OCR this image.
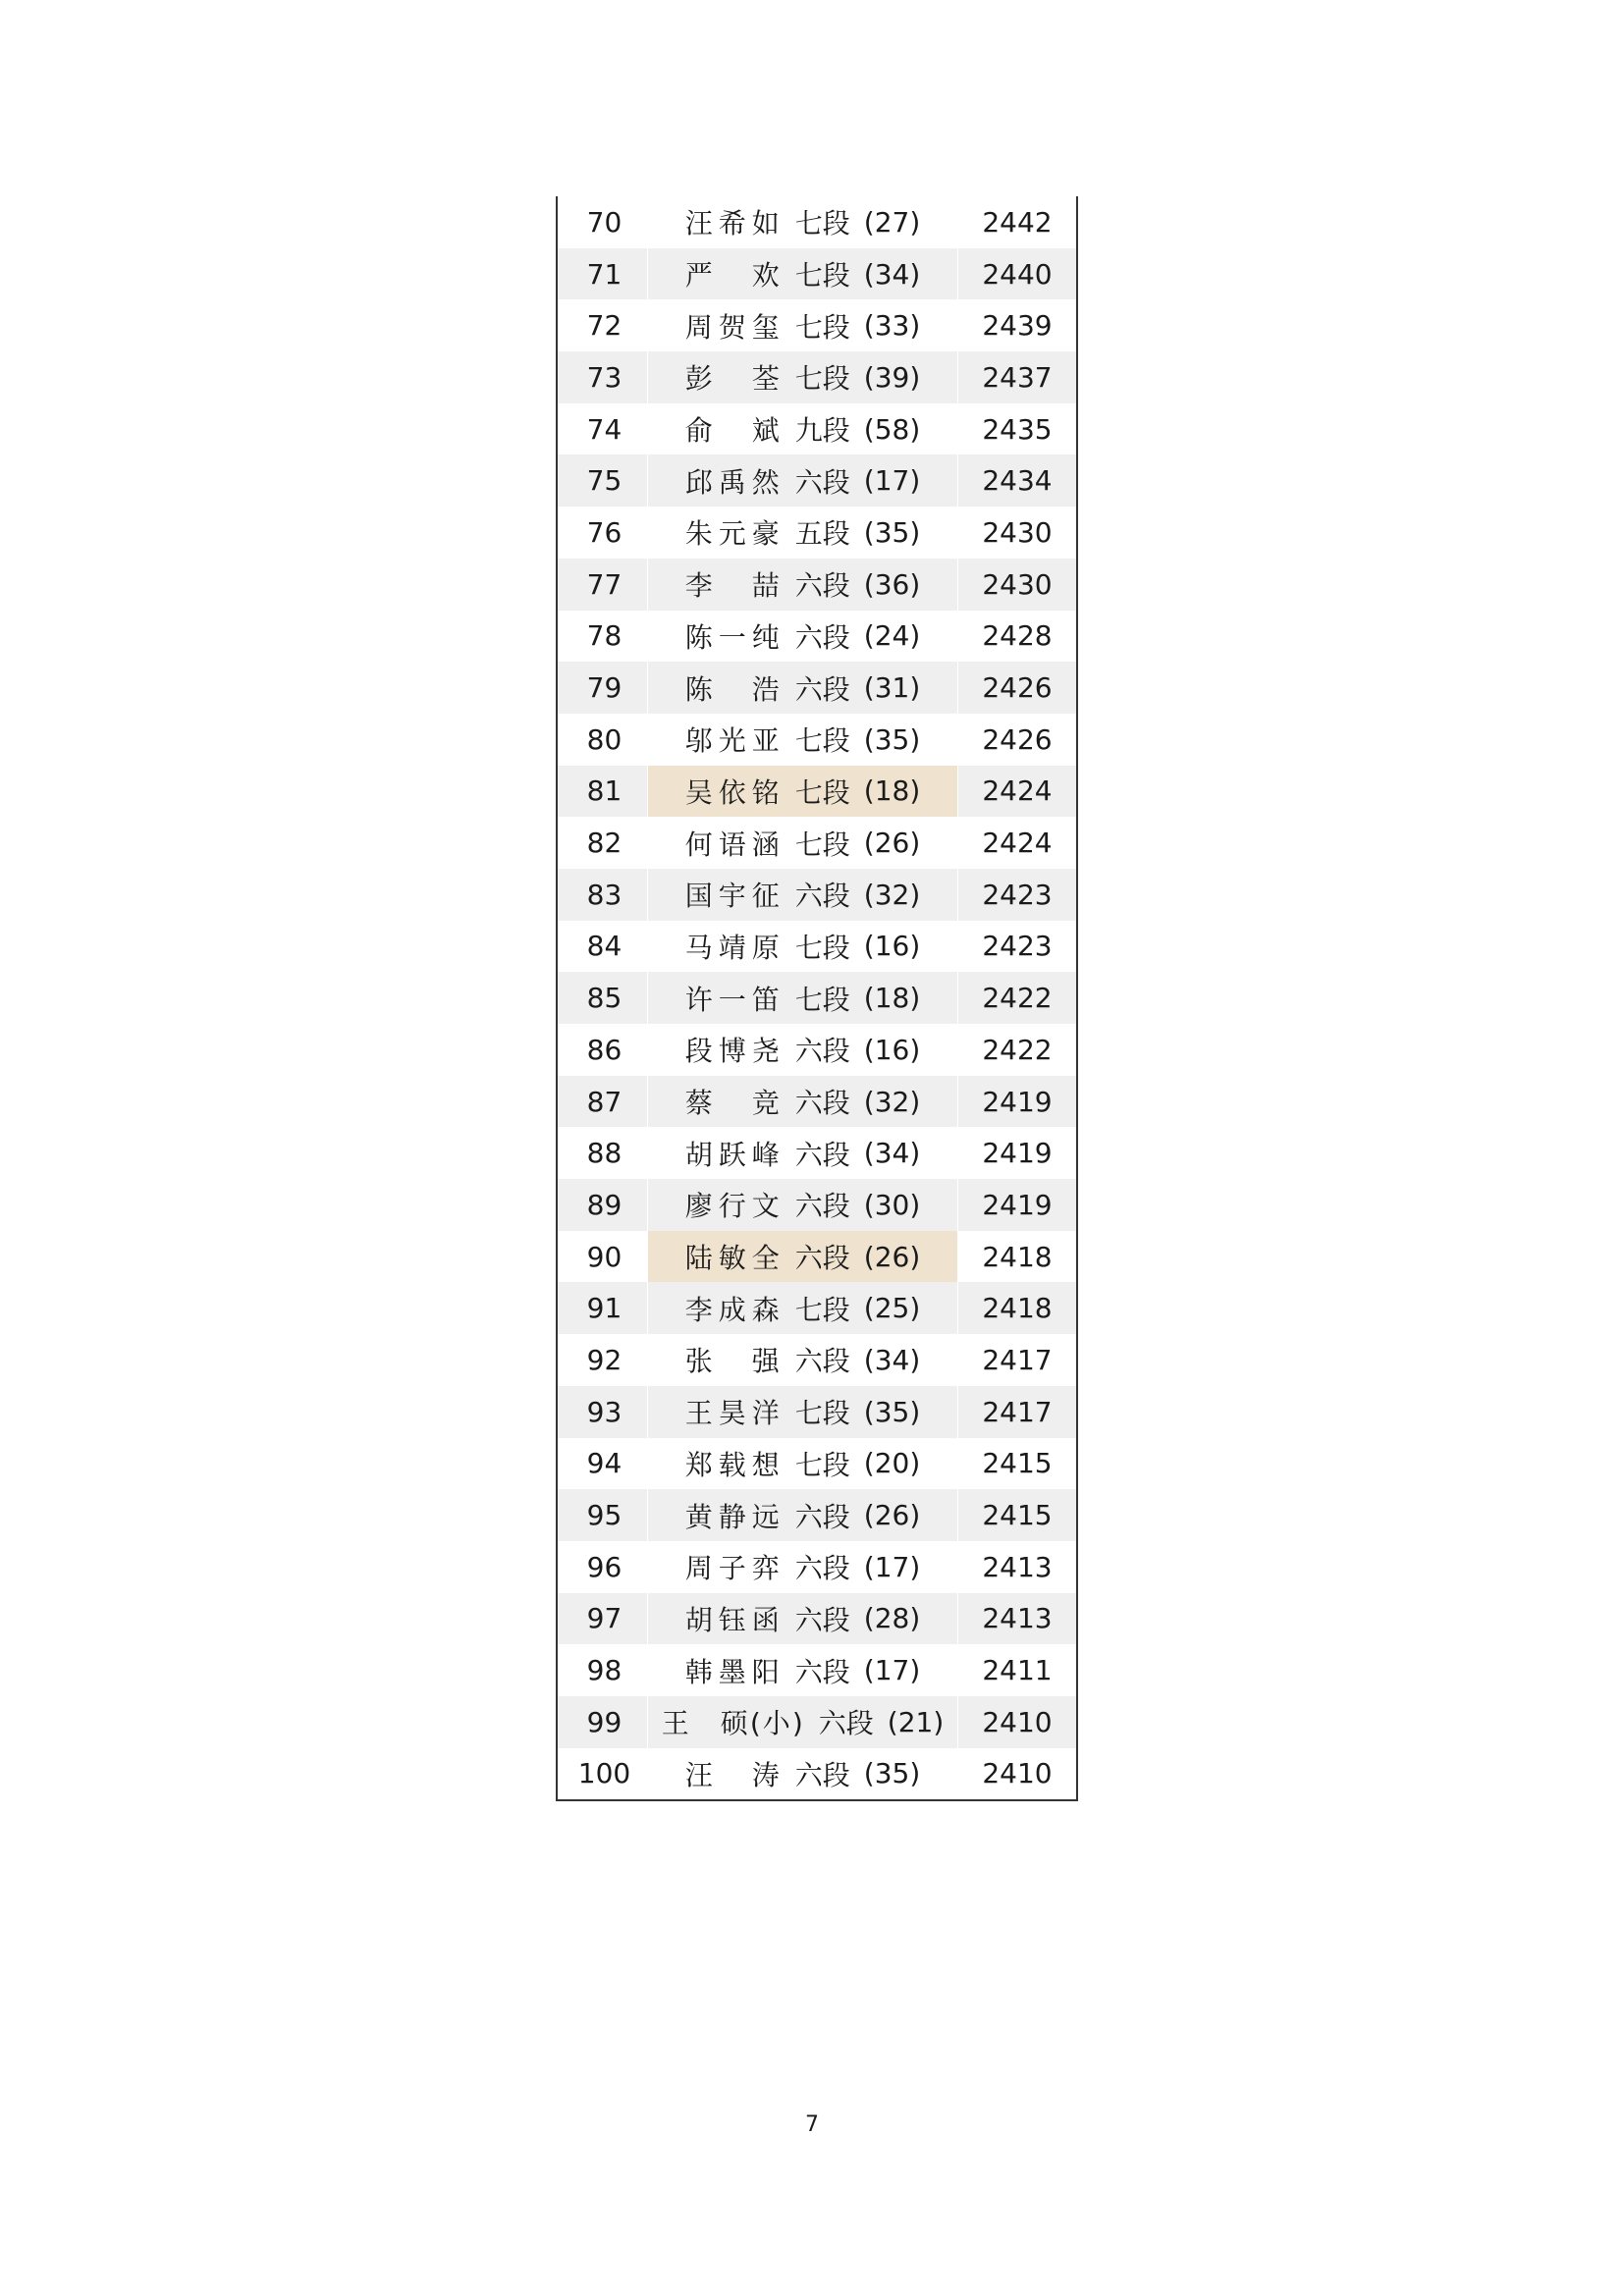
70	汪希如 七段 (27)	2442
71	严　欢 七段 (34)	2440
72	周贺玺 七段 (33)	2439
73	彭　荃 七段 (39)	2437
74	俞　斌 九段 (58)	2435
75	邱禹然 六段 (17)	2434
76	朱元豪 五段 (35)	2430
77	李　喆 六段 (36)	2430
78	陈一纯 六段 (24)	2428
79	陈　浩 六段 (31)	2426
80	邬光亚 七段 (35)	2426
81	吴依铭 七段 (18)	2424
82	何语涵 七段 (26)	2424
83	国宇征 六段 (32)	2423
84	马靖原 七段 (16)	2423
85	许一笛 七段 (18)	2422
86	段博尧 六段 (16)	2422
87	蔡　竞 六段 (32)	2419
88	胡跃峰 六段 (34)	2419
89	廖行文 六段 (30)	2419
90	陆敏全 六段 (26)	2418
91	李成森 七段 (25)	2418
92	张　强 六段 (34)	2417
93	王昊洋 七段 (35)	2417
94	郑载想 七段 (20)	2415
95	黄静远 六段 (26)	2415
96	周子弈 六段 (17)	2413
97	胡钰函 六段 (28)	2413
98	韩墨阳 六段 (17)	2411
99	王　硕(小) 六段 (21)	2410
100	汪　涛 六段 (35)	2410
7
